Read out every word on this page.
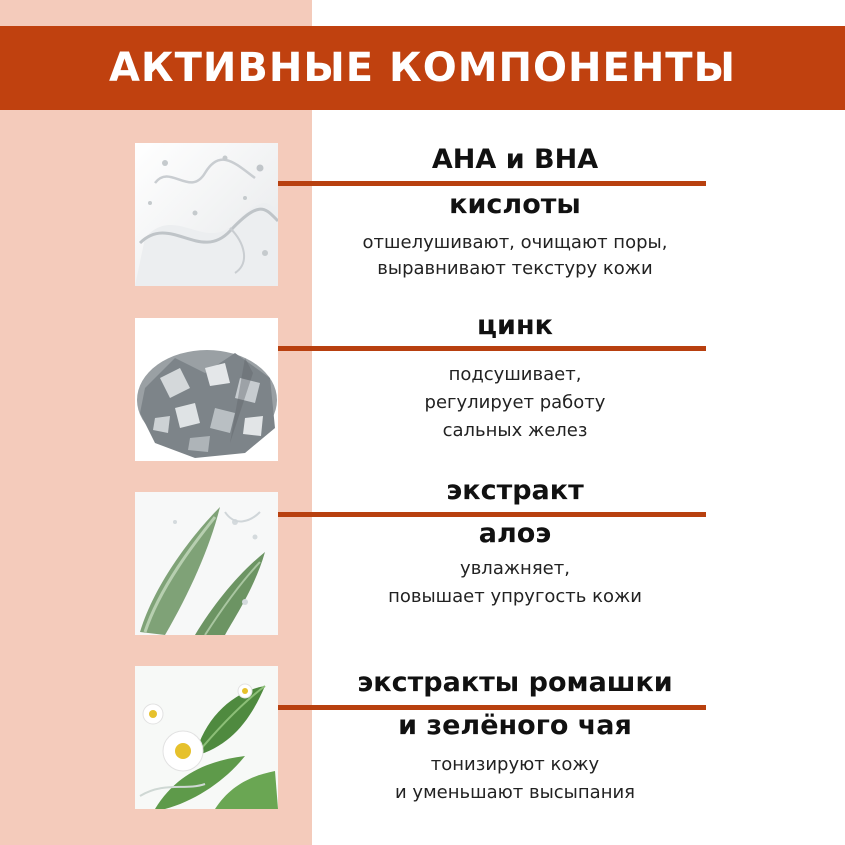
АКТИВНЫЕ КОМПОНЕНТЫ
АНА и ВНА
кислоты
отшелушивают, очищают поры,
выравнивают текстуру кожи
цинк
подсушивает,
регулирует работу
сальных желез
экстракт
алоэ
увлажняет,
повышает упругость кожи
экстракты ромашки
и зелёного чая
тонизируют кожу
и уменьшают высыпания
